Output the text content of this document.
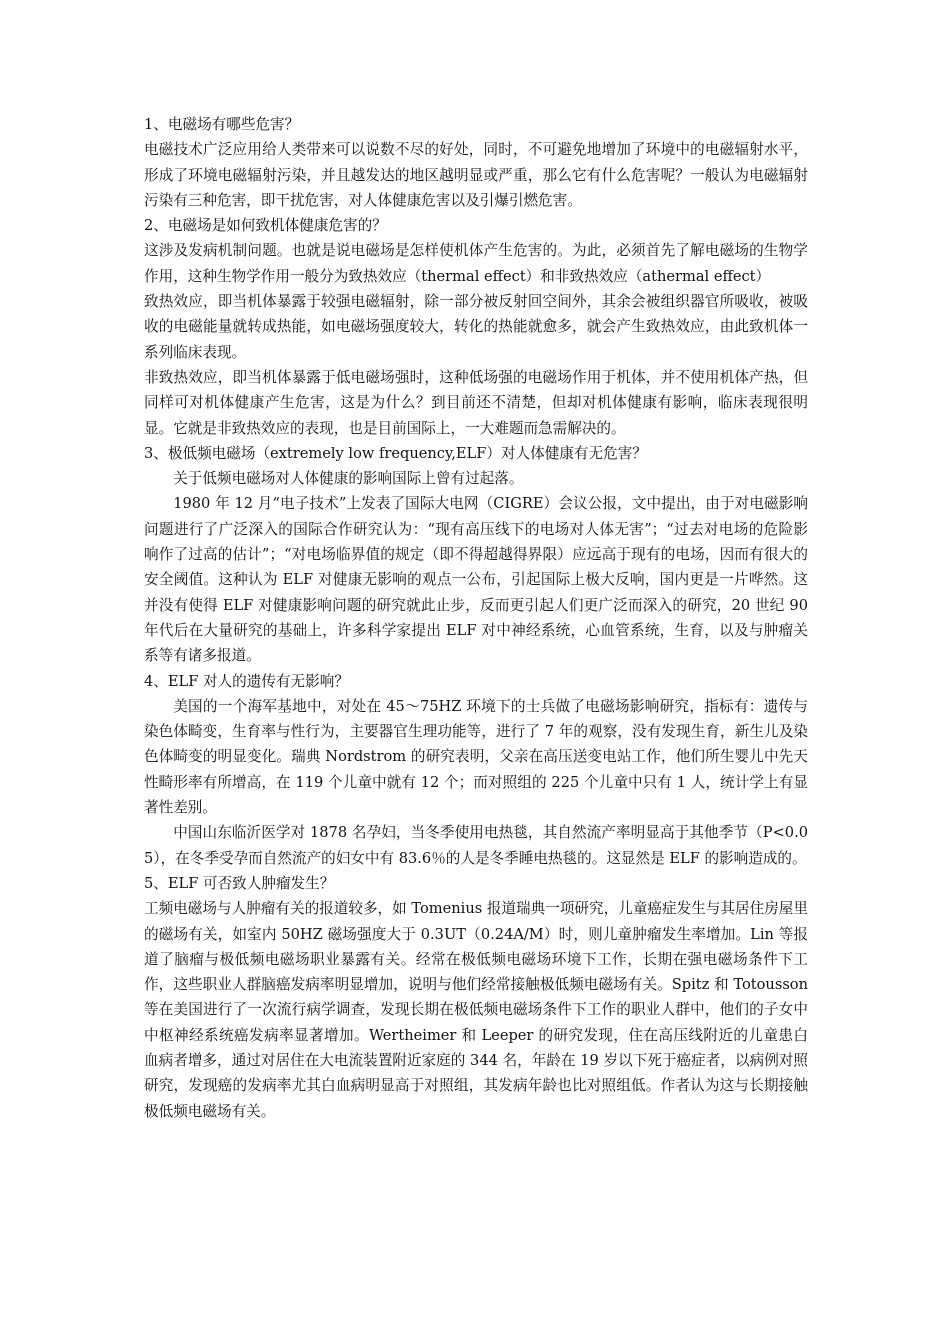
1、电磁场有哪些危害？

电磁技术广泛应用给人类带来可以说数不尽的好处，同时，不可避免地增加了环境中的电磁辐射水平，形成了环境电磁辐射污染，并且越发达的地区越明显或严重，那么它有什么危害呢？一般认为电磁辐射污染有三种危害，即干扰危害，对人体健康危害以及引爆引燃危害。

2、电磁场是如何致机体健康危害的？

这涉及发病机制问题。也就是说电磁场是怎样使机体产生危害的。为此，必须首先了解电磁场的生物学作用，这种生物学作用一般分为致热效应（thermal effect）和非致热效应（athermal effect）

致热效应，即当机体暴露于较强电磁辐射，除一部分被反射回空间外，其余会被组织器官所吸收，被吸收的电磁能量就转成热能，如电磁场强度较大，转化的热能就愈多，就会产生致热效应，由此致机体一系列临床表现。

非致热效应，即当机体暴露于低电磁场强时，这种低场强的电磁场作用于机体，并不使用机体产热，但同样可对机体健康产生危害，这是为什么？到目前还不清楚，但却对机体健康有影响，临床表现很明显。它就是非致热效应的表现，也是目前国际上，一大难题而急需解决的。

3、极低频电磁场（extremely low frequency,ELF）对人体健康有无危害？

关于低频电磁场对人体健康的影响国际上曾有过起落。

1980 年 12 月“电子技术”上发表了国际大电网（CIGRE）会议公报，文中提出，由于对电磁影响问题进行了广泛深入的国际合作研究认为：“现有高压线下的电场对人体无害”；“过去对电场的危险影响作了过高的估计”；“对电场临界值的规定（即不得超越得界限）应远高于现有的电场，因而有很大的安全阈值。这种认为 ELF 对健康无影响的观点一公布，引起国际上极大反响，国内更是一片哗然。这并没有使得 ELF 对健康影响问题的研究就此止步，反而更引起人们更广泛而深入的研究，20 世纪 90 年代后在大量研究的基础上，许多科学家提出 ELF 对中神经系统，心血管系统，生育，以及与肿瘤关系等有诸多报道。

4、ELF 对人的遗传有无影响？

美国的一个海军基地中，对处在 45～75HZ 环境下的士兵做了电磁场影响研究，指标有：遗传与染色体畸变，生育率与性行为，主要器官生理功能等，进行了 7 年的观察，没有发现生育，新生儿及染色体畸变的明显变化。瑞典 Nordstrom 的研究表明，父亲在高压送变电站工作，他们所生婴儿中先天性畸形率有所增高，在 119 个儿童中就有 12 个；而对照组的 225 个儿童中只有 1 人，统计学上有显著性差别。

中国山东临沂医学对 1878 名孕妇，当冬季使用电热毯，其自然流产率明显高于其他季节（P<0.05），在冬季受孕而自然流产的妇女中有 83.6％的人是冬季睡电热毯的。这显然是 ELF 的影响造成的。

5、ELF 可否致人肿瘤发生？

工频电磁场与人肿瘤有关的报道较多，如 Tomenius 报道瑞典一项研究，儿童癌症发生与其居住房屋里的磁场有关，如室内 50HZ 磁场强度大于 0.3UT（0.24A/M）时，则儿童肿瘤发生率增加。Lin 等报道了脑瘤与极低频电磁场职业暴露有关。经常在极低频电磁场环境下工作，长期在强电磁场条件下工作，这些职业人群脑癌发病率明显增加，说明与他们经常接触极低频电磁场有关。Spitz 和 Totousson 等在美国进行了一次流行病学调查，发现长期在极低频电磁场条件下工作的职业人群中，他们的子女中中枢神经系统癌发病率显著增加。Wertheimer 和 Leeper 的研究发现，住在高压线附近的儿童患白血病者增多，通过对居住在大电流装置附近家庭的 344 名，年龄在 19 岁以下死于癌症者，以病例对照研究，发现癌的发病率尤其白血病明显高于对照组，其发病年龄也比对照组低。作者认为这与长期接触极低频电磁场有关。
